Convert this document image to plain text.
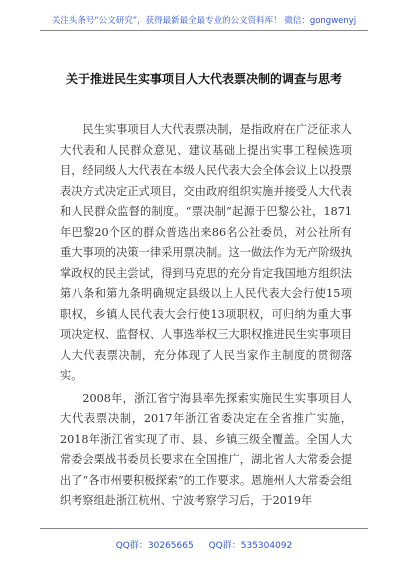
关注头条号“公文研究”，获得最新最全最专业的公文资料库！ 微信：gongwenyj
关于推进民生实事项目人大代表票决制的调查与思考

民生实事项目人大代表票决制，是指政府在广泛征求人大代表和人民群众意见、建议基础上提出实事工程候选项目，经同级人大代表在本级人民代表大会全体会议上以投票表决方式决定正式项目，交由政府组织实施并接受人大代表和人民群众监督的制度。“票决制”起源于巴黎公社，1871年巴黎20个区的群众普选出来86名公社委员，对公社所有重大事项的决策一律采用票决制。这一做法作为无产阶级执掌政权的民主尝试，得到马克思的充分肯定我国地方组织法第八条和第九条明确规定县级以上人民代表大会行使15项职权，乡镇人民代表大会行使13项职权，可归纳为重大事项决定权、监督权、人事选举权三大职权推进民生实事项目人大代表票决制，充分体现了人民当家作主制度的贯彻落实。

2008年，浙江省宁海县率先探索实施民生实事项目人大代表票决制，2017年浙江省委决定在全省推广实施，2018年浙江省实现了市、县、乡镇三级全覆盖。全国人大常委会栗战书委员长要求在全国推广，湖北省人大常委会提出了“各市州要积极探索”的工作要求。恩施州人大常委会组织考察组赴浙江杭州、宁波考察学习后，于2019年

QQ群：30265665 QQ群：535304092
